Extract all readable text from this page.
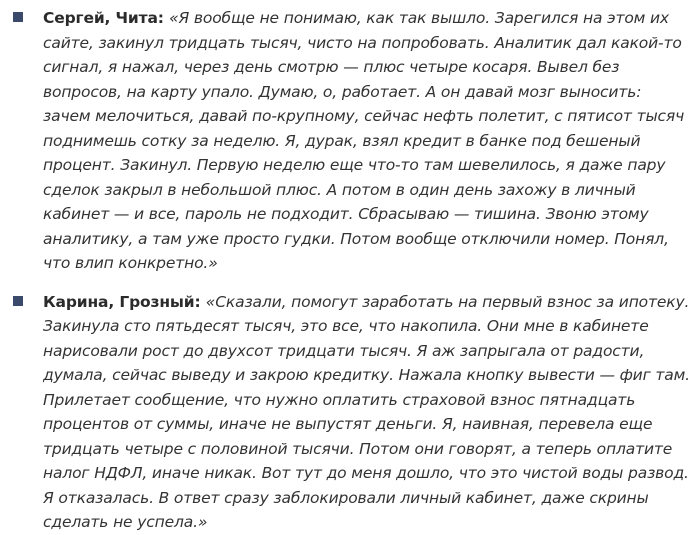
Сергей, Чита: «Я вообще не понимаю, как так вышло. Зарегился на этом их сайте, закинул тридцать тысяч, чисто на попробовать. Аналитик дал какой-то сигнал, я нажал, через день смотрю — плюс четыре косаря. Вывел без вопросов, на карту упало. Думаю, о, работает. А он давай мозг выносить: зачем мелочиться, давай по-крупному, сейчас нефть полетит, с пятисот тысяч поднимешь сотку за неделю. Я, дурак, взял кредит в банке под бешеный процент. Закинул. Первую неделю еще что-то там шевелилось, я даже пару сделок закрыл в небольшой плюс. А потом в один день захожу в личный кабинет — и все, пароль не подходит. Сбрасываю — тишина. Звоню этому аналитику, а там уже просто гудки. Потом вообще отключили номер. Понял, что влип конкретно.»
Карина, Грозный: «Сказали, помогут заработать на первый взнос за ипотеку. Закинула сто пятьдесят тысяч, это все, что накопила. Они мне в кабинете нарисовали рост до двухсот тридцати тысяч. Я аж запрыгала от радости, думала, сейчас выведу и закрою кредитку. Нажала кнопку вывести — фиг там. Прилетает сообщение, что нужно оплатить страховой взнос пятнадцать процентов от суммы, иначе не выпустят деньги. Я, наивная, перевела еще тридцать четыре с половиной тысячи. Потом они говорят, а теперь оплатите налог НДФЛ, иначе никак. Вот тут до меня дошло, что это чистой воды развод. Я отказалась. В ответ сразу заблокировали личный кабинет, даже скрины сделать не успела.»
